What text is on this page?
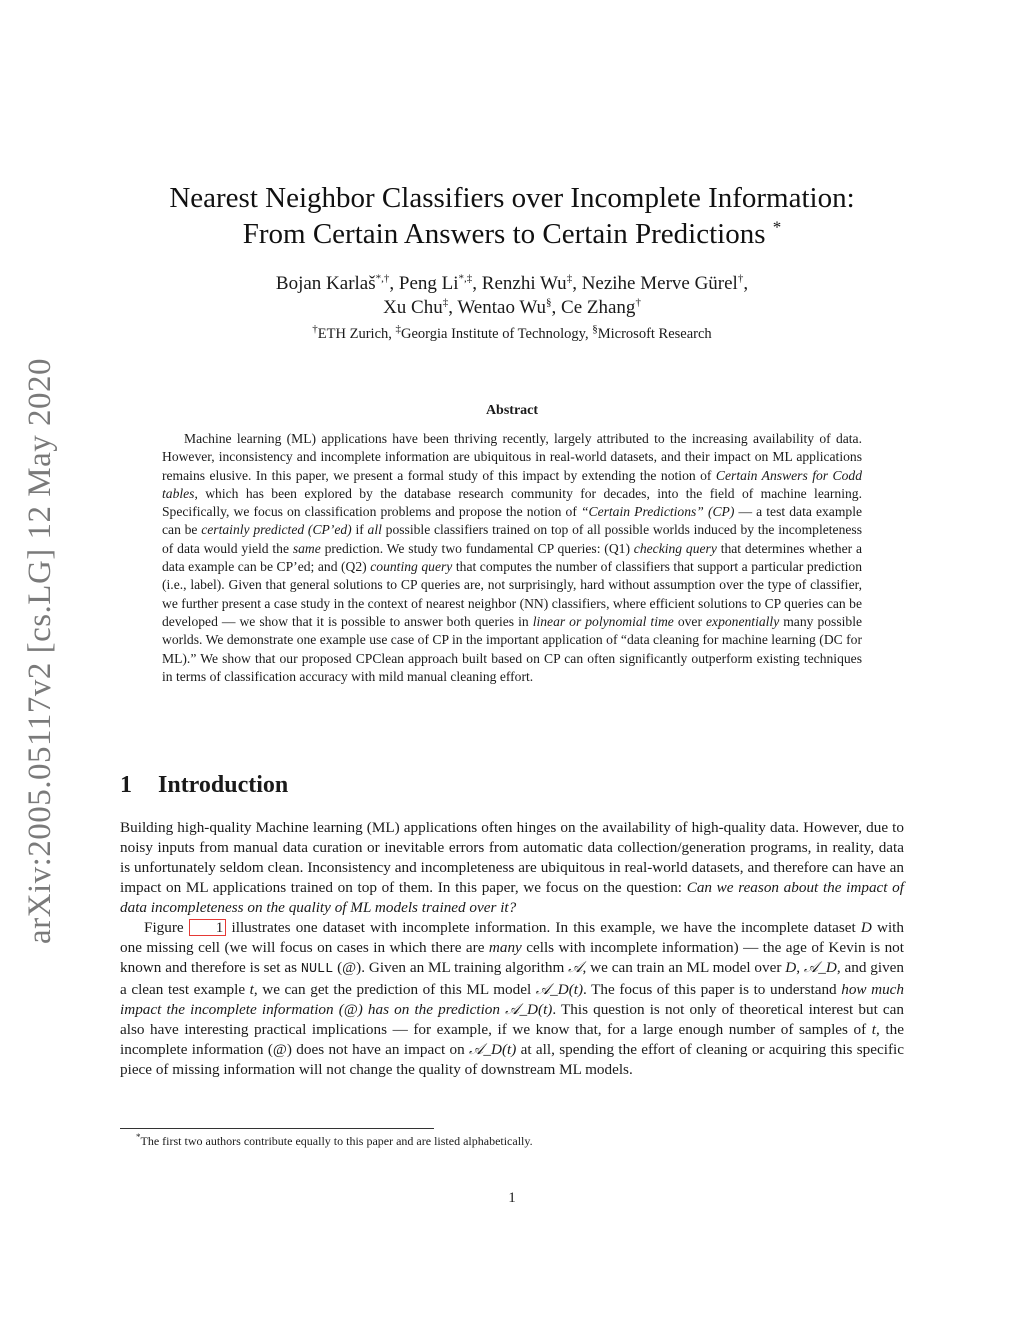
arXiv:2005.05117v2 [cs.LG] 12 May 2020
Nearest Neighbor Classifiers over Incomplete Information:
From Certain Answers to Certain Predictions *
Bojan Karlaš*,†, Peng Li*,‡, Renzhi Wu‡, Nezihe Merve Gürel†,
Xu Chu‡, Wentao Wu§, Ce Zhang†
†ETH Zurich, ‡Georgia Institute of Technology, §Microsoft Research
Abstract

Machine learning (ML) applications have been thriving recently, largely attributed to the increasing availability of data. However, inconsistency and incomplete information are ubiquitous in real-world datasets, and their impact on ML applications remains elusive. In this paper, we present a formal study of this impact by extending the notion of Certain Answers for Codd tables, which has been explored by the database research community for decades, into the field of machine learning. Specifically, we focus on classification problems and propose the notion of “Certain Predictions” (CP) — a test data example can be certainly predicted (CP’ed) if all possible classifiers trained on top of all possible worlds induced by the incompleteness of data would yield the same prediction. We study two fundamental CP queries: (Q1) checking query that determines whether a data example can be CP’ed; and (Q2) counting query that computes the number of classifiers that support a particular prediction (i.e., label). Given that general solutions to CP queries are, not surprisingly, hard without assumption over the type of classifier, we further present a case study in the context of nearest neighbor (NN) classifiers, where efficient solutions to CP queries can be developed — we show that it is possible to answer both queries in linear or polynomial time over exponentially many possible worlds. We demonstrate one example use case of CP in the important application of “data cleaning for machine learning (DC for ML).” We show that our proposed CPClean approach built based on CP can often significantly outperform existing techniques in terms of classification accuracy with mild manual cleaning effort.

1 Introduction

Building high-quality Machine learning (ML) applications often hinges on the availability of high-quality data. However, due to noisy inputs from manual data curation or inevitable errors from automatic data collection/generation programs, in reality, data is unfortunately seldom clean. Inconsistency and incompleteness are ubiquitous in real-world datasets, and therefore can have an impact on ML applications trained on top of them. In this paper, we focus on the question: Can we reason about the impact of data incompleteness on the quality of ML models trained over it?

Figure 1 illustrates one dataset with incomplete information. In this example, we have the incomplete dataset D with one missing cell (we will focus on cases in which there are many cells with incomplete information) — the age of Kevin is not known and therefore is set as NULL (@). Given an ML training algorithm 𝒜, we can train an ML model over D, 𝒜_D, and given a clean test example t, we can get the prediction of this ML model 𝒜_D(t). The focus of this paper is to understand how much impact the incomplete information (@) has on the prediction 𝒜_D(t). This question is not only of theoretical interest but can also have interesting practical implications — for example, if we know that, for a large enough number of samples of t, the incomplete information (@) does not have an impact on 𝒜_D(t) at all, spending the effort of cleaning or acquiring this specific piece of missing information will not change the quality of downstream ML models.

*The first two authors contribute equally to this paper and are listed alphabetically.
1
